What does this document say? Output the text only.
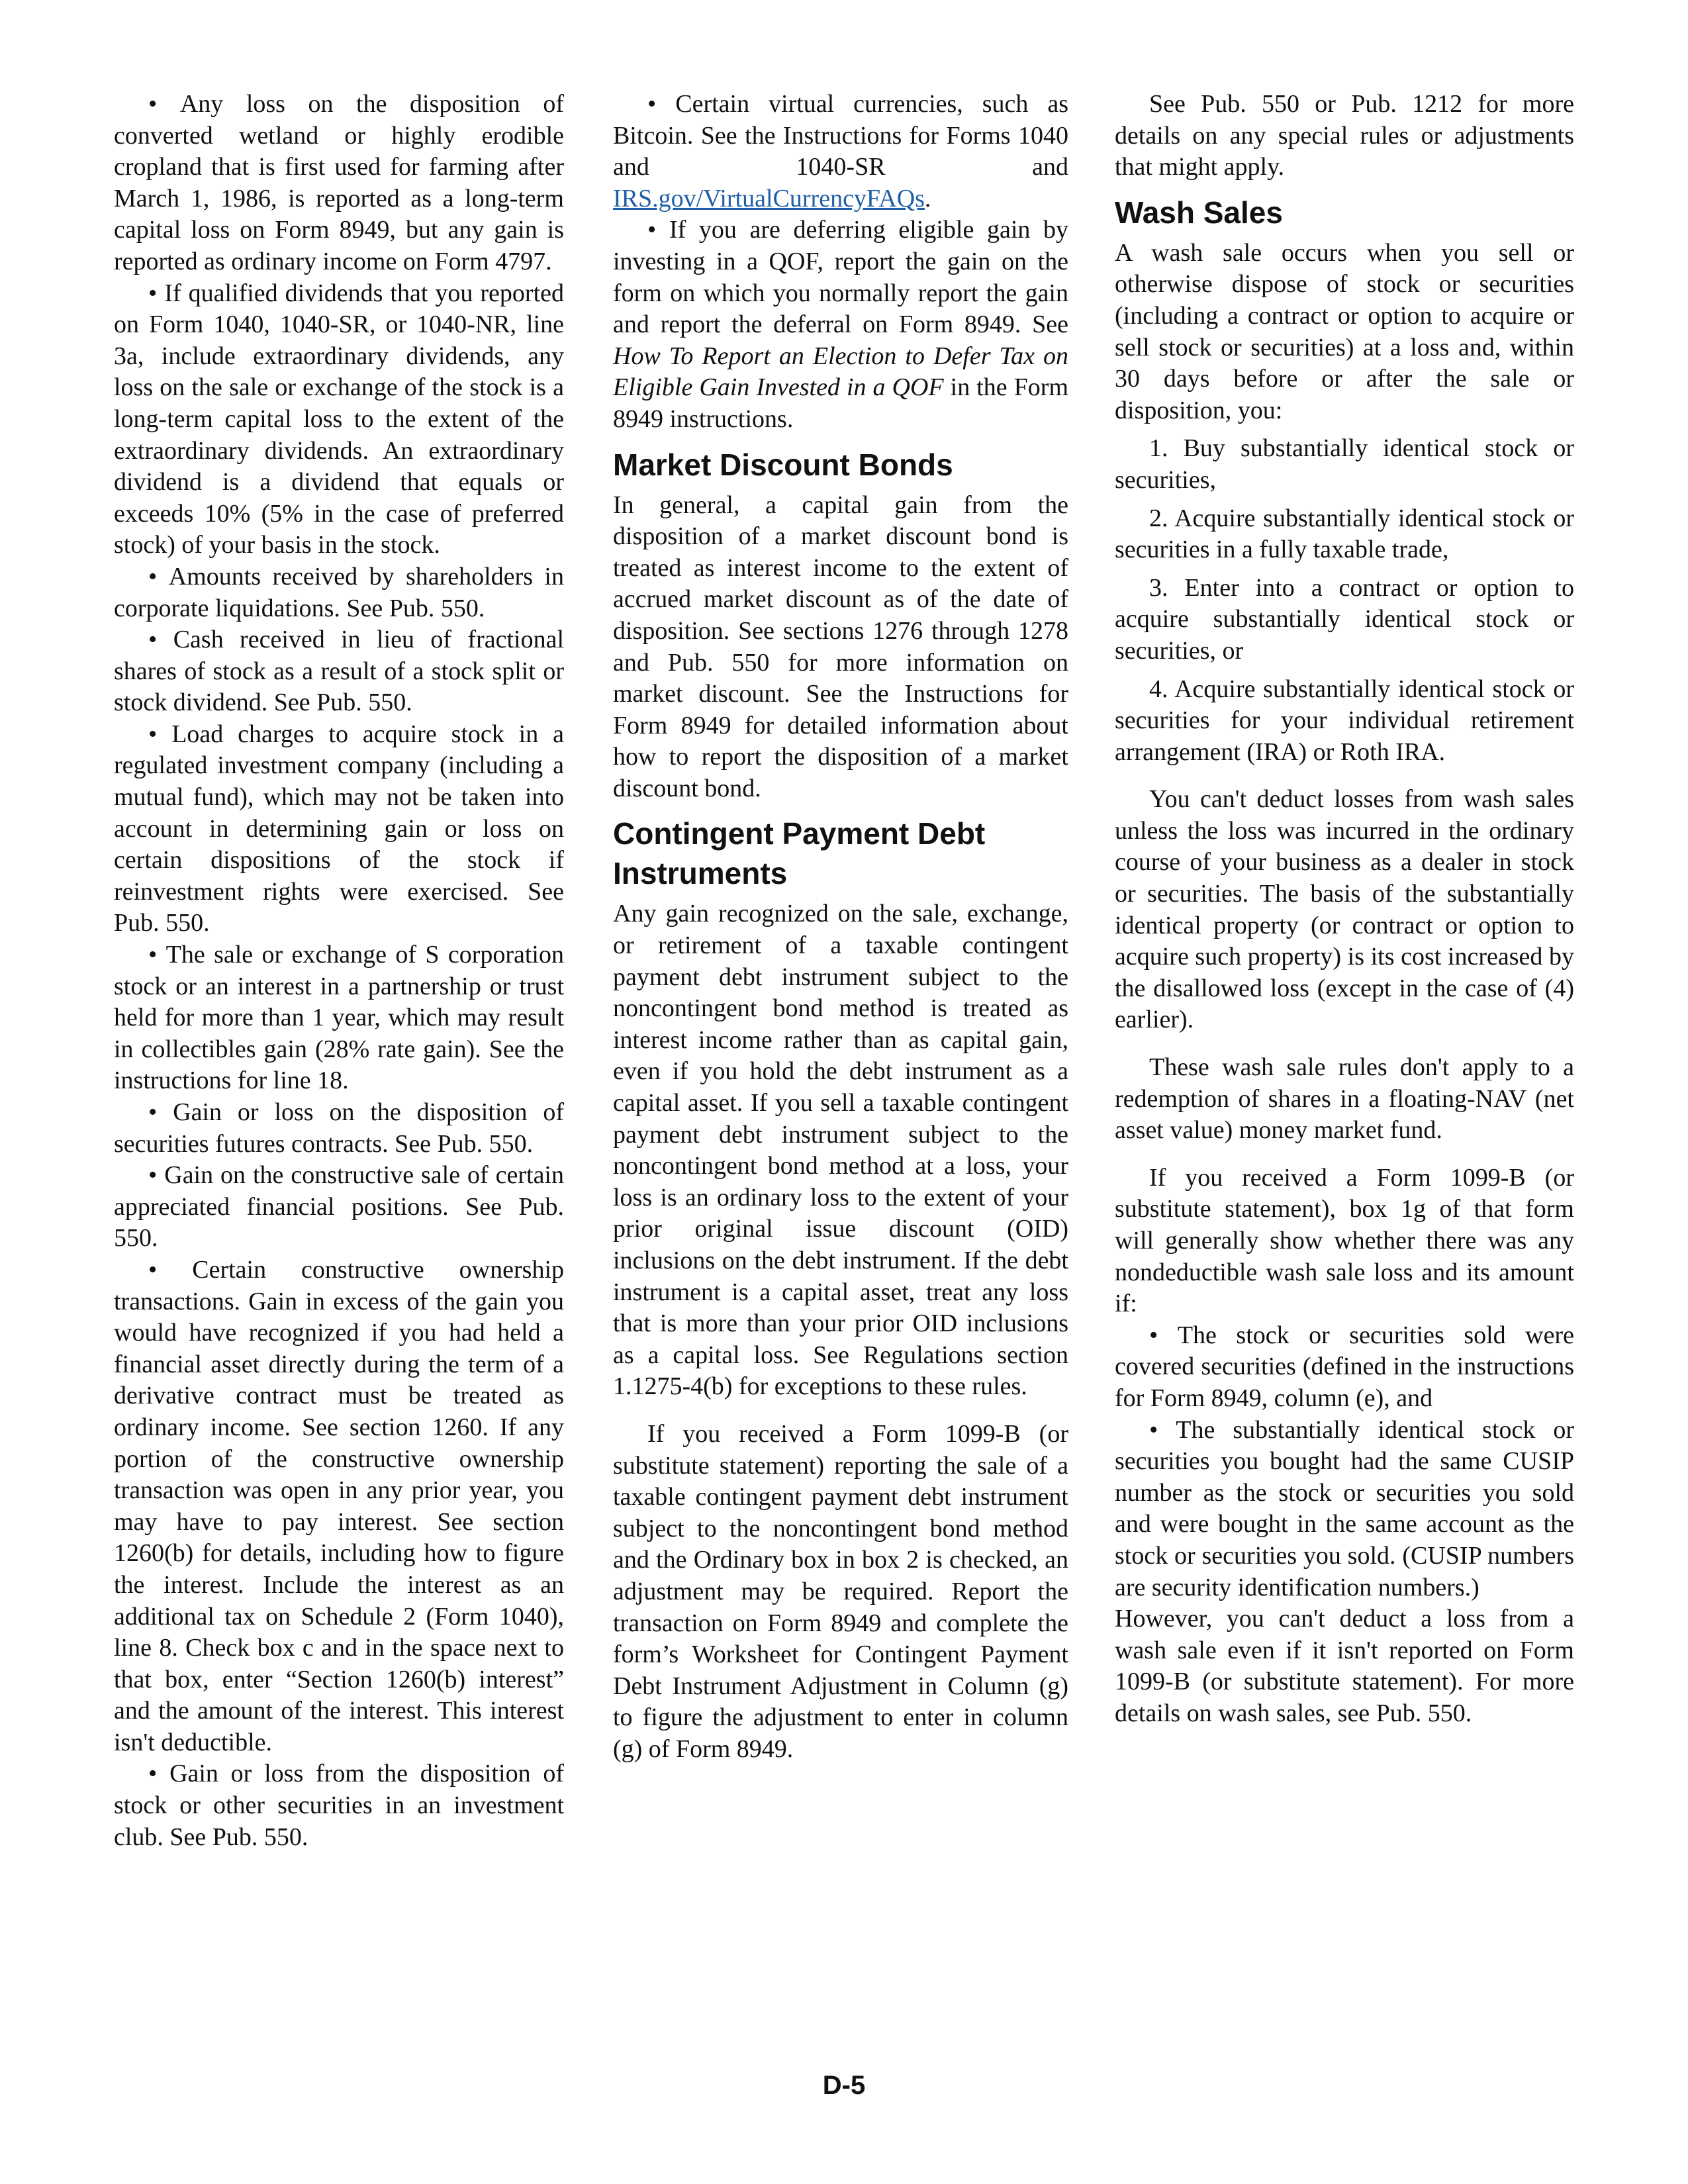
• Any loss on the disposition of converted wetland or highly erodible cropland that is first used for farming after March 1, 1986, is reported as a long-term capital loss on Form 8949, but any gain is reported as ordinary income on Form 4797.

• If qualified dividends that you reported on Form 1040, 1040-SR, or 1040-NR, line 3a, include extraordinary dividends, any loss on the sale or exchange of the stock is a long-term capital loss to the extent of the extraordinary dividends. An extraordinary dividend is a dividend that equals or exceeds 10% (5% in the case of preferred stock) of your basis in the stock.

• Amounts received by shareholders in corporate liquidations. See Pub. 550.

• Cash received in lieu of fractional shares of stock as a result of a stock split or stock dividend. See Pub. 550.

• Load charges to acquire stock in a regulated investment company (including a mutual fund), which may not be taken into account in determining gain or loss on certain dispositions of the stock if reinvestment rights were exercised. See Pub. 550.

• The sale or exchange of S corporation stock or an interest in a partnership or trust held for more than 1 year, which may result in collectibles gain (28% rate gain). See the instructions for line 18.

• Gain or loss on the disposition of securities futures contracts. See Pub. 550.

• Gain on the constructive sale of certain appreciated financial positions. See Pub. 550.

• Certain constructive ownership transactions. Gain in excess of the gain you would have recognized if you had held a financial asset directly during the term of a derivative contract must be treated as ordinary income. See section 1260. If any portion of the constructive ownership transaction was open in any prior year, you may have to pay interest. See section 1260(b) for details, including how to figure the interest. Include the interest as an additional tax on Schedule 2 (Form 1040), line 8. Check box c and in the space next to that box, enter “Section 1260(b) interest” and the amount of the interest. This interest isn't deductible.

• Gain or loss from the disposition of stock or other securities in an investment club. See Pub. 550.

• Certain virtual currencies, such as Bitcoin. See the Instructions for Forms 1040 and 1040-SR and IRS.gov/VirtualCurrencyFAQs.

• If you are deferring eligible gain by investing in a QOF, report the gain on the form on which you normally report the gain and report the deferral on Form 8949. See How To Report an Election to Defer Tax on Eligible Gain Invested in a QOF in the Form 8949 instructions.

Market Discount Bonds

In general, a capital gain from the disposition of a market discount bond is treated as interest income to the extent of accrued market discount as of the date of disposition. See sections 1276 through 1278 and Pub. 550 for more information on market discount. See the Instructions for Form 8949 for detailed information about how to report the disposition of a market discount bond.

Contingent Payment Debt Instruments

Any gain recognized on the sale, exchange, or retirement of a taxable contingent payment debt instrument subject to the noncontingent bond method is treated as interest income rather than as capital gain, even if you hold the debt instrument as a capital asset. If you sell a taxable contingent payment debt instrument subject to the noncontingent bond method at a loss, your loss is an ordinary loss to the extent of your prior original issue discount (OID) inclusions on the debt instrument. If the debt instrument is a capital asset, treat any loss that is more than your prior OID inclusions as a capital loss. See Regulations section 1.1275-4(b) for exceptions to these rules.

If you received a Form 1099-B (or substitute statement) reporting the sale of a taxable contingent payment debt instrument subject to the noncontingent bond method and the Ordinary box in box 2 is checked, an adjustment may be required. Report the transaction on Form 8949 and complete the form’s Worksheet for Contingent Payment Debt Instrument Adjustment in Column (g) to figure the adjustment to enter in column (g) of Form 8949.

See Pub. 550 or Pub. 1212 for more details on any special rules or adjustments that might apply.

Wash Sales

A wash sale occurs when you sell or otherwise dispose of stock or securities (including a contract or option to acquire or sell stock or securities) at a loss and, within 30 days before or after the sale or disposition, you:

1. Buy substantially identical stock or securities,

2. Acquire substantially identical stock or securities in a fully taxable trade,

3. Enter into a contract or option to acquire substantially identical stock or securities, or

4. Acquire substantially identical stock or securities for your individual retirement arrangement (IRA) or Roth IRA.

You can't deduct losses from wash sales unless the loss was incurred in the ordinary course of your business as a dealer in stock or securities. The basis of the substantially identical property (or contract or option to acquire such property) is its cost increased by the disallowed loss (except in the case of (4) earlier).

These wash sale rules don't apply to a redemption of shares in a floating-NAV (net asset value) money market fund.

If you received a Form 1099-B (or substitute statement), box 1g of that form will generally show whether there was any nondeductible wash sale loss and its amount if:

• The stock or securities sold were covered securities (defined in the instructions for Form 8949, column (e), and

• The substantially identical stock or securities you bought had the same CUSIP number as the stock or securities you sold and were bought in the same account as the stock or securities you sold. (CUSIP numbers are security identification numbers.)

However, you can't deduct a loss from a wash sale even if it isn't reported on Form 1099-B (or substitute statement). For more details on wash sales, see Pub. 550.

D-5
